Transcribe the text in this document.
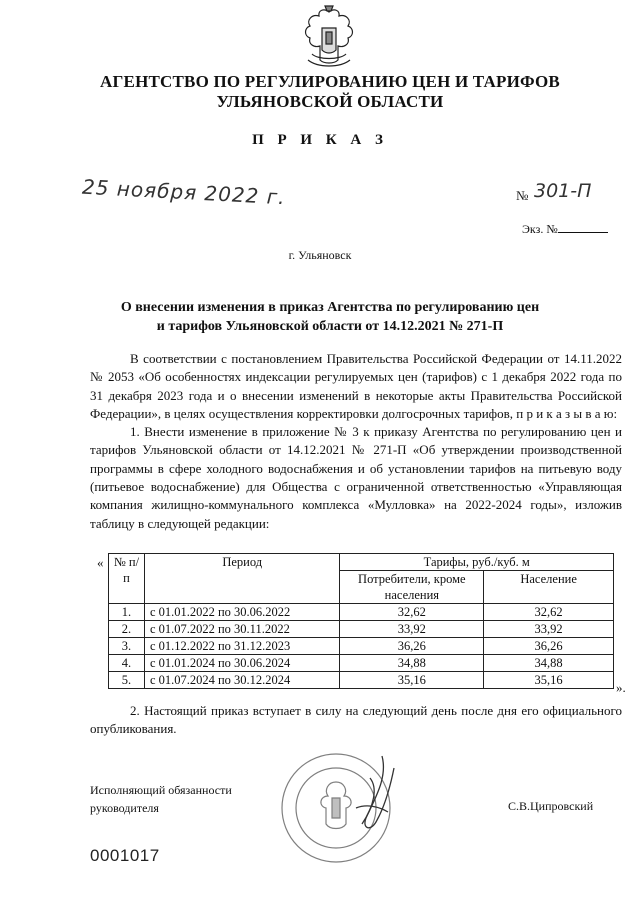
АГЕНТСТВО ПО РЕГУЛИРОВАНИЮ ЦЕН И ТАРИФОВ
УЛЬЯНОВСКОЙ ОБЛАСТИ
П Р И К А З
25 ноября 2022 г.	№ 301-П
Экз. №
г. Ульяновск
О внесении изменения в приказ Агентства по регулированию цен
и тарифов Ульяновской области от 14.12.2021 № 271-П

В соответствии с постановлением Правительства Российской Федерации от 14.11.2022 № 2053 «Об особенностях индексации регулируемых цен (тарифов) с 1 декабря 2022 года по 31 декабря 2023 года и о внесении изменений в некоторые акты Правительства Российской Федерации», в целях осуществления корректировки долгосрочных тарифов, п р и к а з ы в а ю:

1. Внести изменение в приложение № 3 к приказу Агентства по регулированию цен и тарифов Ульяновской области от 14.12.2021 № 271-П «Об утверждении производственной программы в сфере холодного водоснабжения и об установлении тарифов на питьевую воду (питьевое водоснабжение) для Общества с ограниченной ответственностью «Управляющая компания жилищно-коммунального комплекса «Мулловка» на 2022-2024 годы», изложив таблицу в следующей редакции:

« № п/п	Период	Тарифы, руб./куб. м	
		Потребители, кроме населения	Население
1.	с 01.01.2022 по 30.06.2022	32,62	32,62
2.	с 01.07.2022 по 30.11.2022	33,92	33,92
3.	с 01.12.2022 по 31.12.2023	36,26	36,26
4.	с 01.01.2024 по 30.06.2024	34,88	34,88
5.	с 01.07.2024 по 30.12.2024	35,16	35,16	».

2. Настоящий приказ вступает в силу на следующий день после дня его официального опубликования.

Исполняющий обязанности
руководителя	С.В.Ципровский
0001017
